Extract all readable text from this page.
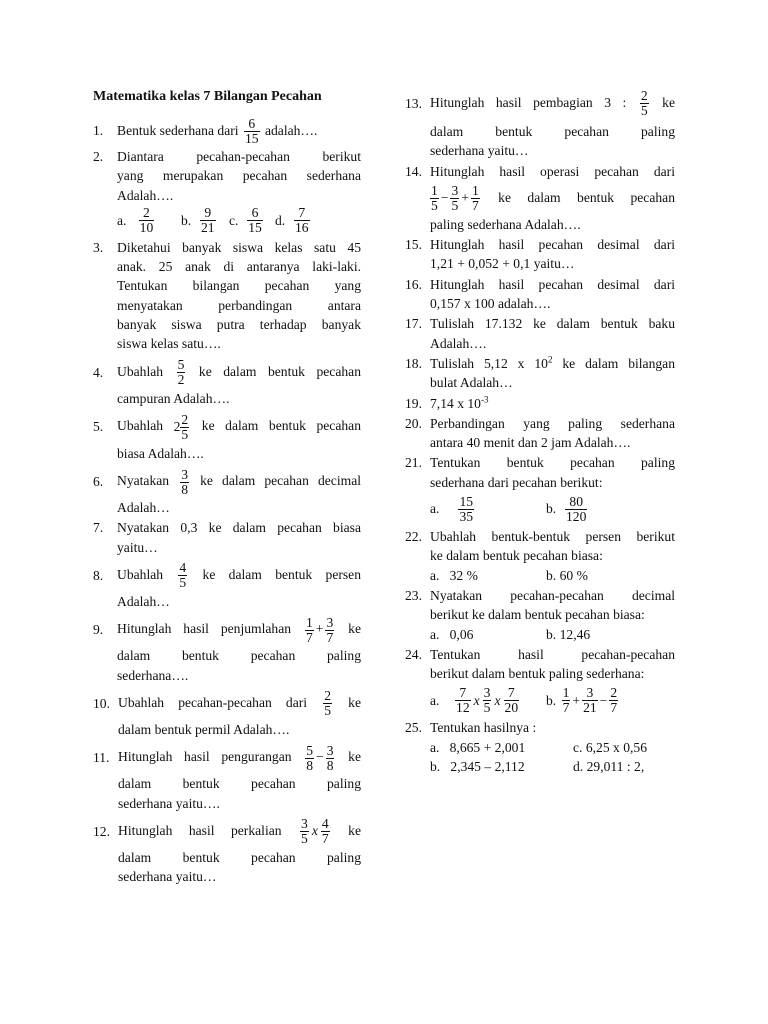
Matematika kelas 7 Bilangan Pecahan
1. Bentuk sederhana dari $\frac{6}{15}$ adalah….
2. Diantara pecahan-pecahan berikut
yang merupakan pecahan sederhana
Adalah….
a.
$\frac{2}{10} b$.
$\frac{9}{21} c$.
$\frac{6}{15} d$.
$\frac{7}{16}$
3. Diketahui banyak siswa kelas satu 45
anak. 25 anak di antaranya laki-laki.
Tentukan bilangan pecahan yang
menyatakan perbandingan antara
banyak siswa putra terhadap banyak
siswa kelas satu….
4. Ubahlah $\frac{5}{2}$ ke dalam bentuk pecahan
campuran Adalah….
5. Ubahlah $2 \frac{2}{5}$ ke dalam bentuk pecahan
biasa Adalah….
6. Nyatakan $\frac{3}{8}$ ke dalam pecahan decimal
Adalah…
7. Nyatakan 0,3 ke dalam pecahan biasa
yaitu…
8. Ubahlah $\frac{4}{5}$ ke dalam bentuk persen
Adalah…
9. Hitunglah hasil penjumlahan $\frac{1}{7} + \frac{3}{7}$ ke
dalam bentuk pecahan paling
sederhana….
10. Ubahlah pecahan-pecahan dari $\frac{2}{5}$ ke
dalam bentuk permil Adalah….
11. Hitunglah hasil pengurangan $\frac{5}{8} - \frac{3}{8}$ ke
dalam bentuk pecahan paling
sederhana yaitu….
12. Hitunglah hasil perkalian $\frac{3}{5}$ x $\frac{4}{7}$ ke
dalam bentuk pecahan paling
sederhana yaitu…
13. Hitunglah hasil pembagian 3 : $\frac{2}{5}$ ke
dalam bentuk pecahan paling
sederhana yaitu…
14. Hitunglah hasil operasi pecahan dari
$\frac{1}{5} - \frac{3}{5} + \frac{1}{7}$ ke dalam bentuk pecahan
paling sederhana Adalah….
15. Hitunglah hasil pecahan desimal dari
1,21 + 0,052 + 0,1 yaitu…
16. Hitunglah hasil pecahan desimal dari
0,157 x 100 adalah….
17. Tulislah 17.132 ke dalam bentuk baku
Adalah….
18. Tulislah 5,12 x $10^2$ ke dalam bilangan
bulat Adalah…
19. 7,14 x $10^{-3}$
20. Perbandingan yang paling sederhana
antara 40 menit dan 2 jam Adalah….
21. Tentukan bentuk pecahan paling
sederhana dari pecahan berikut:
a.
$\frac{15}{35}$	b.
$\frac{80}{120}$
22. Ubahlah bentuk-bentuk persen berikut
ke dalam bentuk pecahan biasa:
a.   32 %	b. 60 %
23. Nyatakan pecahan-pecahan decimal
berikut ke dalam bentuk pecahan biasa:
a.   0,06	b. 12,46
24. Tentukan hasil pecahan-pecahan
berikut dalam bentuk paling sederhana:
a.
$\frac{7}{12}$ x $\frac{3}{5}$ x $\frac{7}{20} b$.
$\frac{1}{7} + \frac{3}{21} - \frac{2}{7}$
25. Tentukan hasilnya :
a.   8,665 + 2,001	c. 6,25 x 0,56
b.   2,345 – 2,112	d. 29,011 : 2,
